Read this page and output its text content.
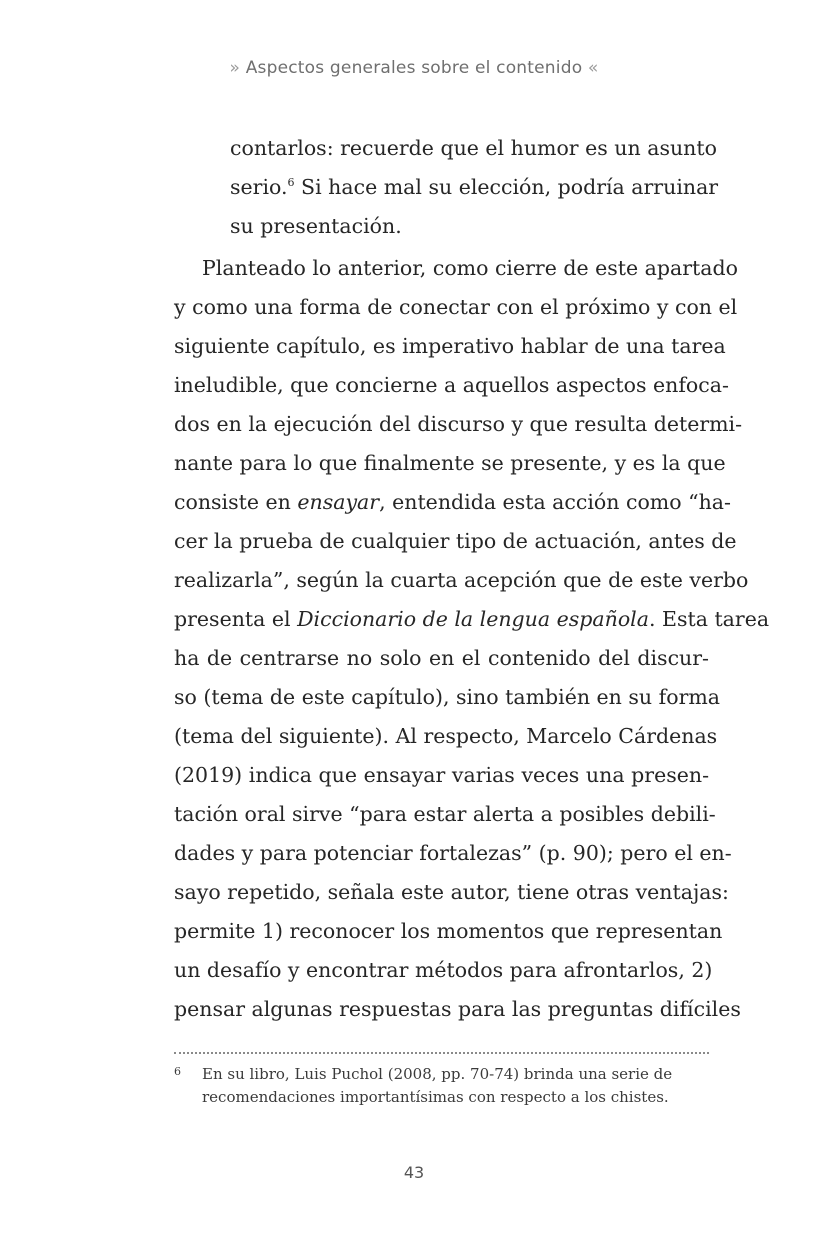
» Aspectos generales sobre el contenido «
contarlos: recuerde que el humor es un asunto
serio.$^6$ Si hace mal su elección, podría arruinar
su presentación.
Planteado lo anterior, como cierre de este apartado
y como una forma de conectar con el próximo y con el
siguiente capítulo, es imperativo hablar de una tarea
ineludible, que concierne a aquellos aspectos enfoca-
dos en la ejecución del discurso y que resulta determi-
nante para lo que finalmente se presente, y es la que
consiste en ensayar, entendida esta acción como “ha-
cer la prueba de cualquier tipo de actuación, antes de
realizarla”, según la cuarta acepción que de este verbo
presenta el Diccionario de la lengua española. Esta tarea
ha de centrarse no solo en el contenido del discur-
so (tema de este capítulo), sino también en su forma
(tema del siguiente). Al respecto, Marcelo Cárdenas
(2019) indica que ensayar varias veces una presen-
tación oral sirve “para estar alerta a posibles debili-
dades y para potenciar fortalezas” (p. 90); pero el en-
sayo repetido, señala este autor, tiene otras ventajas:
permite 1) reconocer los momentos que representan
un desafío y encontrar métodos para afrontarlos, 2)
pensar algunas respuestas para las preguntas difíciles
6 En su libro, Luis Puchol (2008, pp. 70-74) brinda una serie de
recomendaciones importantísimas con respecto a los chistes.
43
